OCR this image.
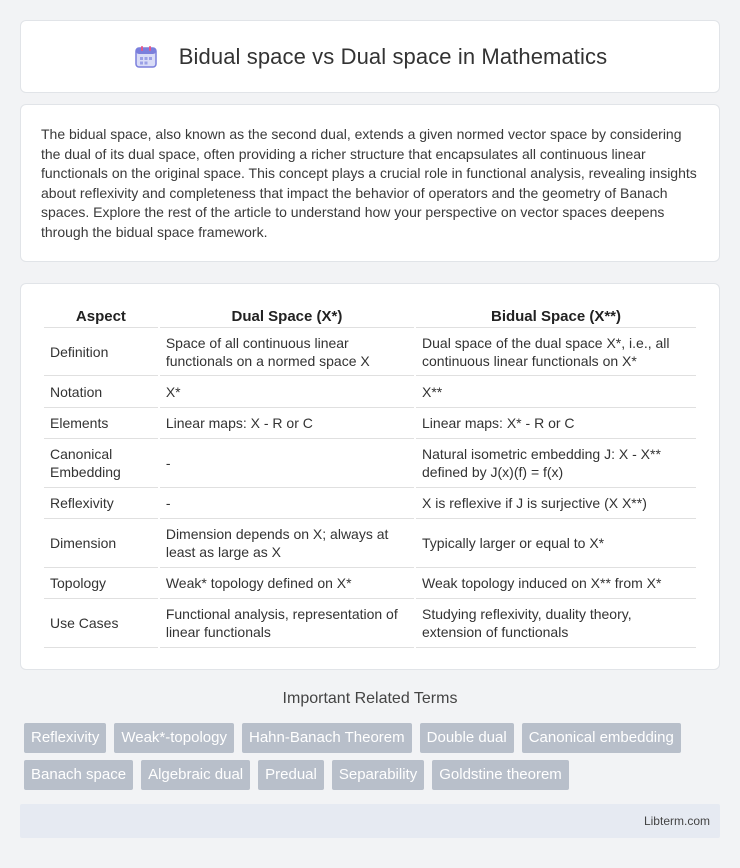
Bidual space vs Dual space in Mathematics

The bidual space, also known as the second dual, extends a given normed vector space by considering the dual of its dual space, often providing a richer structure that encapsulates all continuous linear functionals on the original space. This concept plays a crucial role in functional analysis, revealing insights about reflexivity and completeness that impact the behavior of operators and the geometry of Banach spaces. Explore the rest of the article to understand how your perspective on vector spaces deepens through the bidual space framework.

Aspect	Dual Space (X*)	Bidual Space (X**)
Definition	Space of all continuous linear functionals on a normed space X	Dual space of the dual space X*, i.e., all continuous linear functionals on X*
Notation	X*	X**
Elements	Linear maps: X - R or C	Linear maps: X* - R or C
Canonical Embedding	-	Natural isometric embedding J: X - X** defined by J(x)(f) = f(x)
Reflexivity	-	X is reflexive if J is surjective (X X**)
Dimension	Dimension depends on X; always at least as large as X	Typically larger or equal to X*
Topology	Weak* topology defined on X*	Weak topology induced on X** from X*
Use Cases	Functional analysis, representation of linear functionals	Studying reflexivity, duality theory, extension of functionals
Important Related Terms
Reflexivity	Weak*-topology	Hahn-Banach Theorem	Double dual	Canonical embedding
Banach space	Algebraic dual	Predual	Separability	Goldstine theorem
Libterm.com
